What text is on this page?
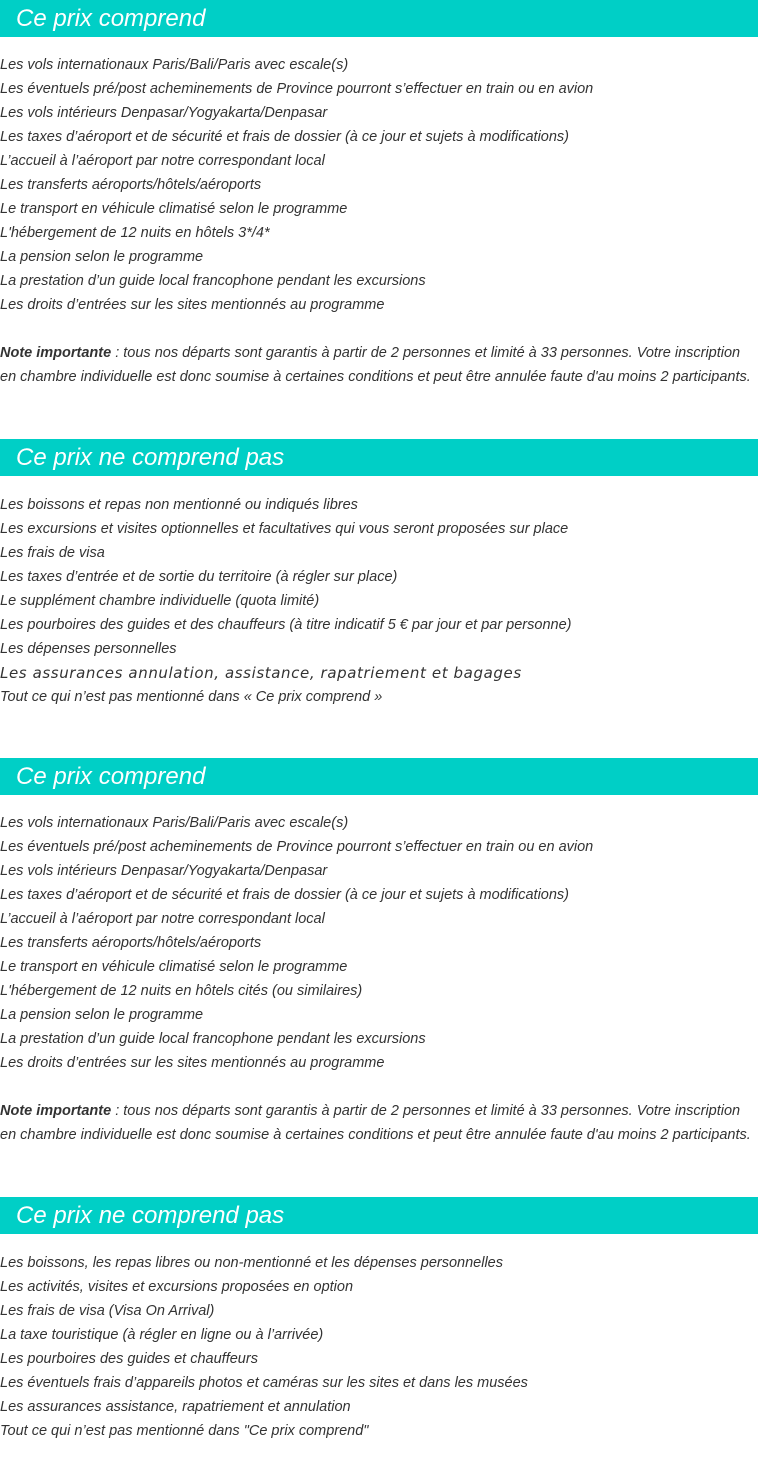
Ce prix comprend
Les vols internationaux Paris/Bali/Paris avec escale(s)
Les éventuels pré/post acheminements de Province pourront s’effectuer en train ou en avion
Les vols intérieurs Denpasar/Yogyakarta/Denpasar
Les taxes d’aéroport et de sécurité et frais de dossier (à ce jour et sujets à modifications)
L’accueil à l’aéroport par notre correspondant local
Les transferts aéroports/hôtels/aéroports
Le transport en véhicule climatisé selon le programme
L'hébergement de 12 nuits en hôtels 3*/4*
La pension selon le programme
La prestation d’un guide local francophone pendant les excursions
Les droits d’entrées sur les sites mentionnés au programme

Note importante : tous nos départs sont garantis à partir de 2 personnes et limité à 33 personnes. Votre inscription en chambre individuelle est donc soumise à certaines conditions et peut être annulée faute d'au moins 2 participants.

Ce prix ne comprend pas
Les boissons et repas non mentionné ou indiqués libres
Les excursions et visites optionnelles et facultatives qui vous seront proposées sur place
Les frais de visa
Les taxes d’entrée et de sortie du territoire (à régler sur place)
Le supplément chambre individuelle (quota limité)
Les pourboires des guides et des chauffeurs (à titre indicatif 5 € par jour et par personne)
Les dépenses personnelles
Les assurances annulation, assistance, rapatriement et bagages
Tout ce qui n’est pas mentionné dans « Ce prix comprend »
Ce prix comprend
Les vols internationaux Paris/Bali/Paris avec escale(s)
Les éventuels pré/post acheminements de Province pourront s’effectuer en train ou en avion
Les vols intérieurs Denpasar/Yogyakarta/Denpasar
Les taxes d’aéroport et de sécurité et frais de dossier (à ce jour et sujets à modifications)
L’accueil à l’aéroport par notre correspondant local
Les transferts aéroports/hôtels/aéroports
Le transport en véhicule climatisé selon le programme
L'hébergement de 12 nuits en hôtels cités (ou similaires)
La pension selon le programme
La prestation d’un guide local francophone pendant les excursions
Les droits d’entrées sur les sites mentionnés au programme

Note importante : tous nos départs sont garantis à partir de 2 personnes et limité à 33 personnes. Votre inscription en chambre individuelle est donc soumise à certaines conditions et peut être annulée faute d'au moins 2 participants.

Ce prix ne comprend pas
Les boissons, les repas libres ou non-mentionné et les dépenses personnelles
Les activités, visites et excursions proposées en option
Les frais de visa (Visa On Arrival)
La taxe touristique (à régler en ligne ou à l’arrivée)
Les pourboires des guides et chauffeurs
Les éventuels frais d’appareils photos et caméras sur les sites et dans les musées
Les assurances assistance, rapatriement et annulation
Tout ce qui n’est pas mentionné dans "Ce prix comprend"
